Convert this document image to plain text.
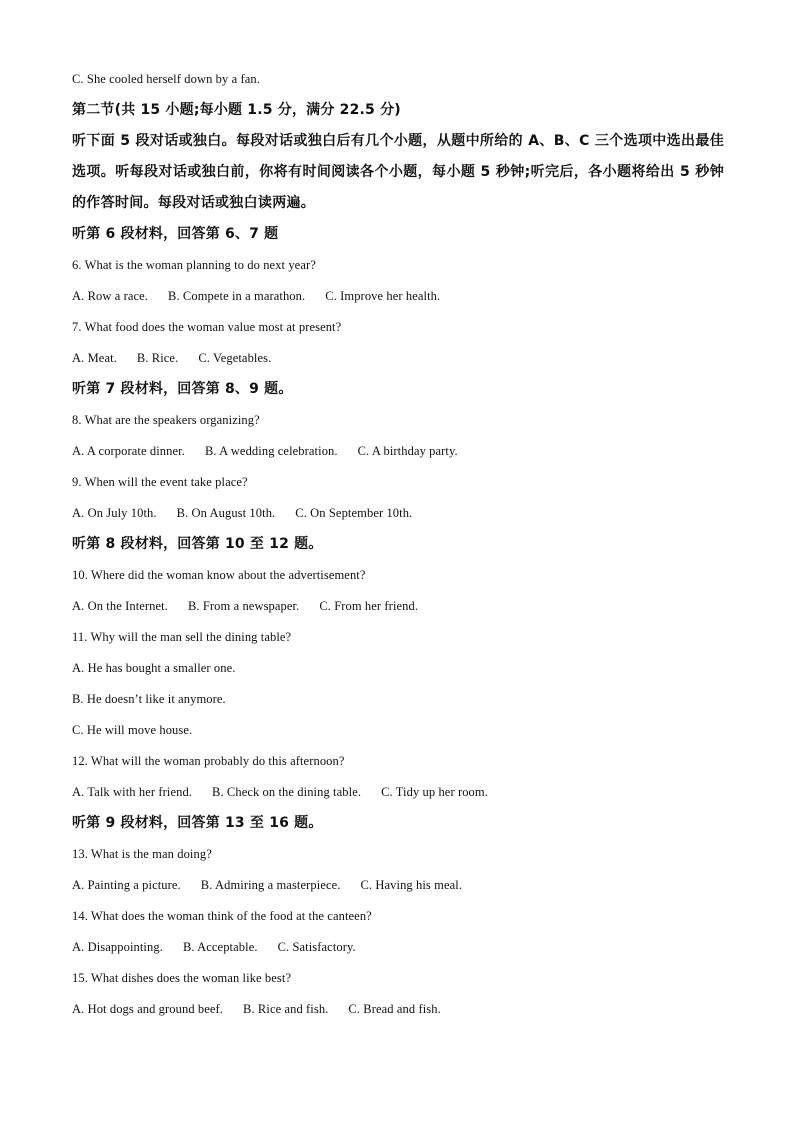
C. She cooled herself down by a fan.
第二节(共 15 小题;每小题 1.5 分，满分 22.5 分)
听下面 5 段对话或独白。每段对话或独白后有几个小题，从题中所给的 A、B、C 三个选项中选出最佳选项。听每段对话或独白前，你将有时间阅读各个小题，每小题 5 秒钟;听完后，各小题将给出 5 秒钟的作答时间。每段对话或独白读两遍。
听第 6 段材料，回答第 6、7 题
6. What is the woman planning to do next year?
A. Row a race. B. Compete in a marathon. C. Improve her health.
7. What food does the woman value most at present?
A. Meat. B. Rice. C. Vegetables.
听第 7 段材料，回答第 8、9 题。
8. What are the speakers organizing?
A. A corporate dinner. B. A wedding celebration. C. A birthday party.
9. When will the event take place?
A. On July 10th. B. On August 10th. C. On September 10th.
听第 8 段材料，回答第 10 至 12 题。
10. Where did the woman know about the advertisement?
A. On the Internet. B. From a newspaper. C. From her friend.
11. Why will the man sell the dining table?
A. He has bought a smaller one.
B. He doesn’t like it anymore.
C. He will move house.
12. What will the woman probably do this afternoon?
A. Talk with her friend. B. Check on the dining table. C. Tidy up her room.
听第 9 段材料，回答第 13 至 16 题。
13. What is the man doing?
A. Painting a picture. B. Admiring a masterpiece. C. Having his meal.
14. What does the woman think of the food at the canteen?
A. Disappointing. B. Acceptable. C. Satisfactory.
15. What dishes does the woman like best?
A. Hot dogs and ground beef. B. Rice and fish. C. Bread and fish.
